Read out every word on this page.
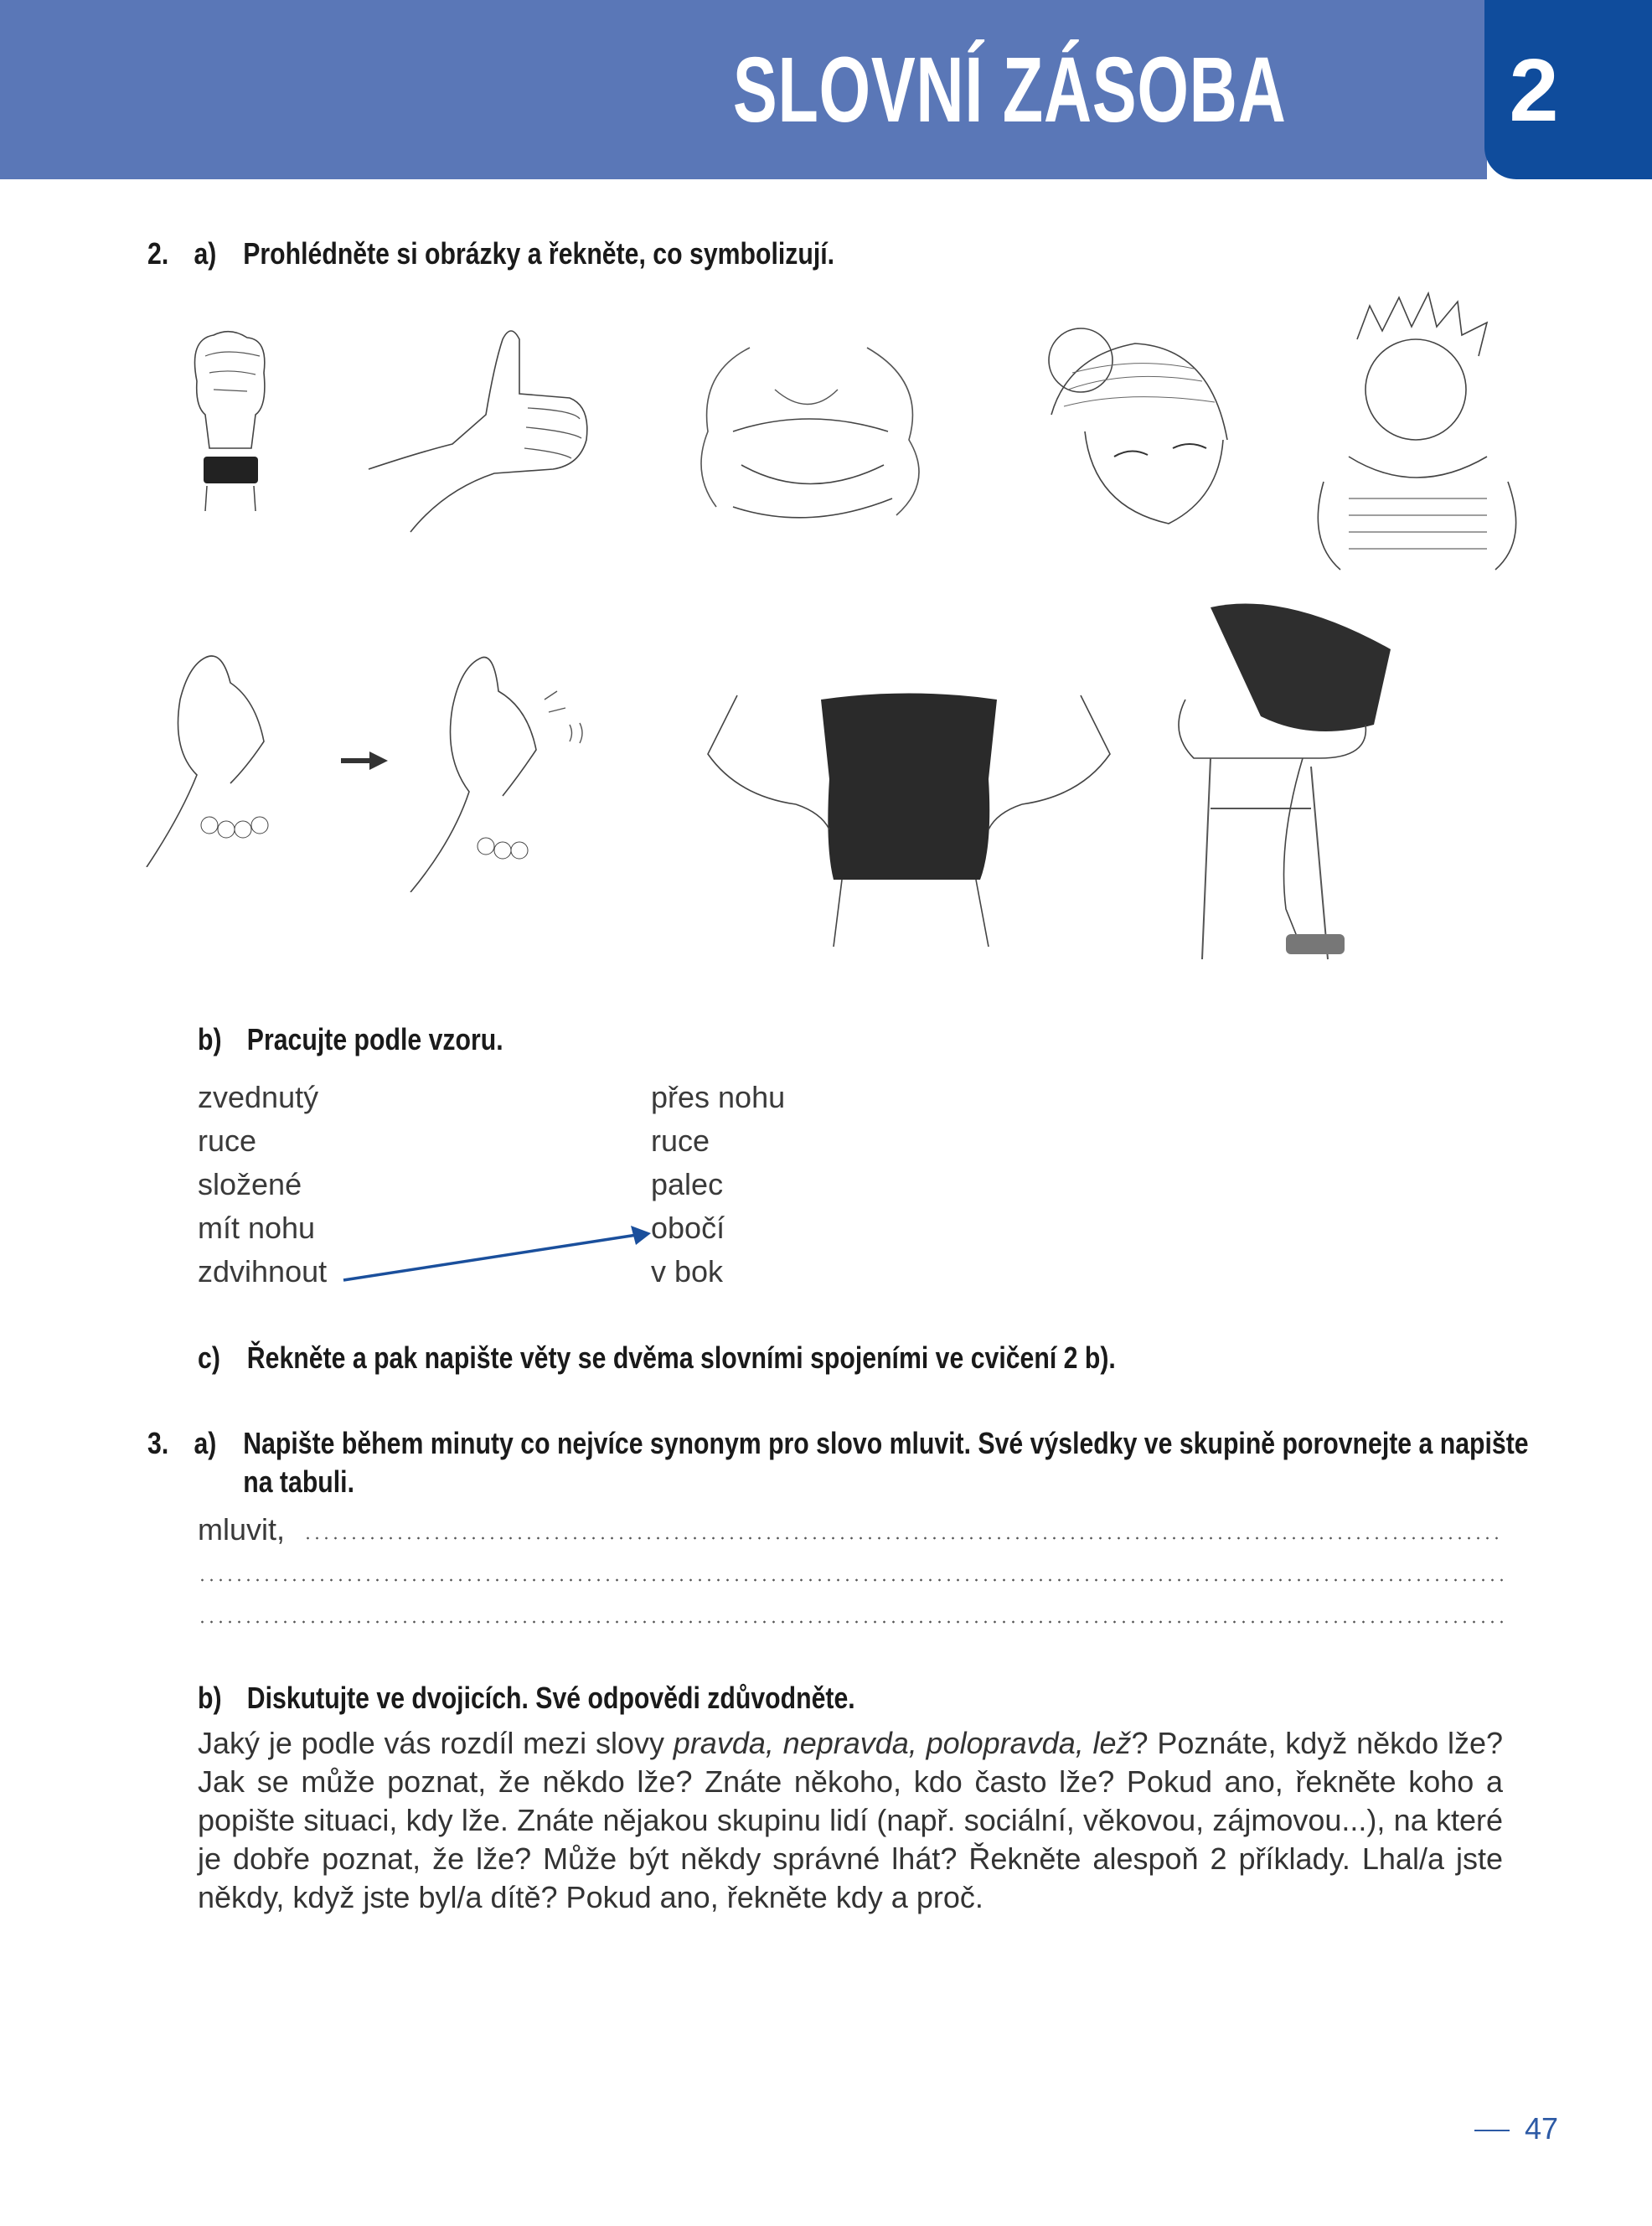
SLOVNÍ ZÁSOBA	2
2. a) Prohlédněte si obrázky a řekněte, co symbolizují.
b) Pracujte podle vzoru.
zvednutý
ruce
složené
mít nohu
zdvihnout
přes nohu
ruce
palec
obočí
v bok
c) Řekněte a pak napište věty se dvěma slovními spojeními ve cvičení 2 b).
3. a) Napište během minuty co nejvíce synonym pro slovo mluvit. Své výsledky ve skupině porovnejte a napište
na tabuli.
mluvit,
b) Diskutujte ve dvojicích. Své odpovědi zdůvodněte.
Jaký je podle vás rozdíl mezi slovy pravda, nepravda, polopravda, lež? Poznáte, když někdo lže? Jak se může poznat, že někdo lže? Znáte někoho, kdo často lže? Pokud ano, řekněte koho a popište situaci, kdy lže. Znáte nějakou skupinu lidí (např. sociální, věkovou, zájmovou...), na které je dobře poznat, že lže? Může být někdy správné lhát? Řekněte alespoň 2 příklady. Lhal/a jste někdy, když jste byl/a dítě? Pokud ano, řekněte kdy a proč.
47
